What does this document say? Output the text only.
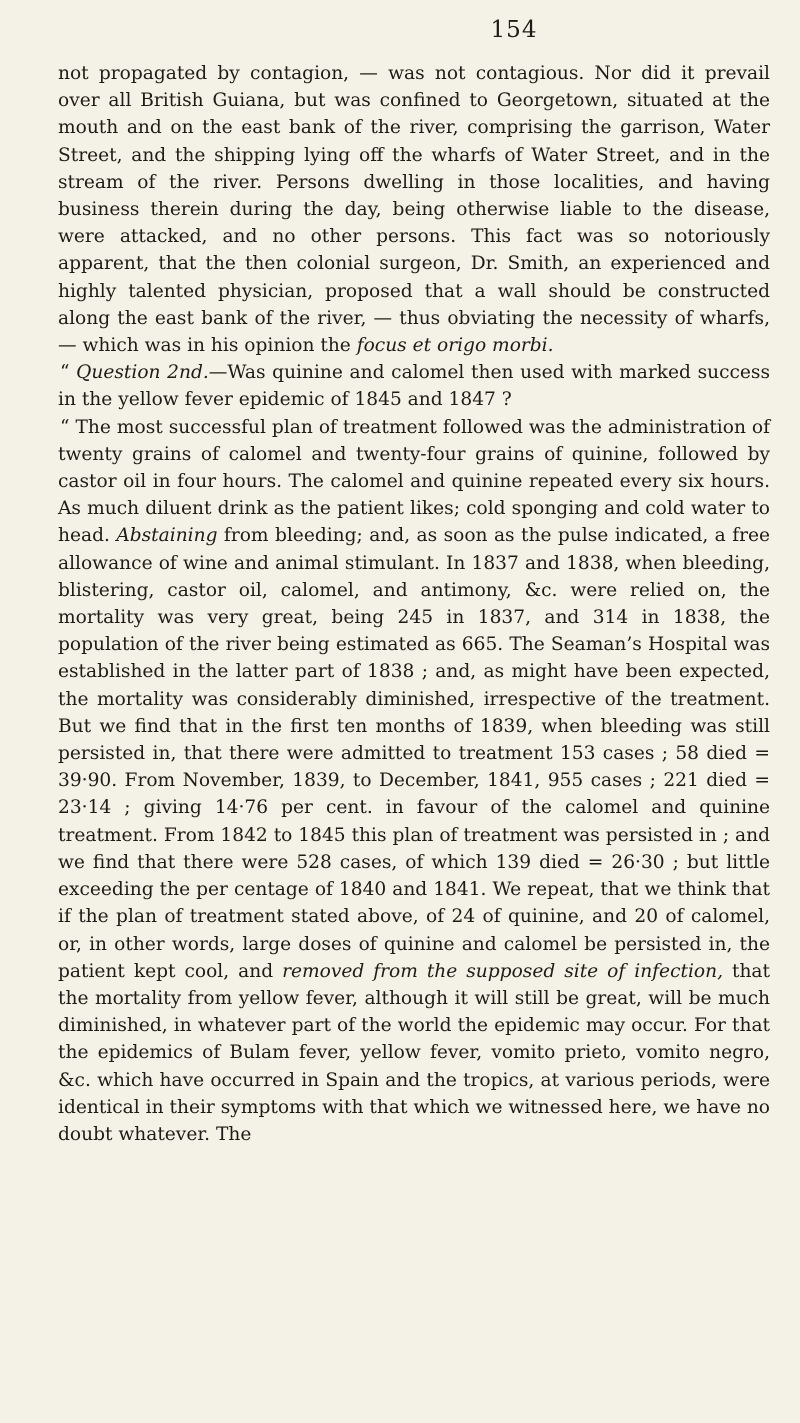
154

not propagated by contagion, — was not contagious. Nor did it prevail over all British Guiana, but was confined to Georgetown, situated at the mouth and on the east bank of the river, comprising the garrison, Water Street, and the shipping lying off the wharfs of Water Street, and in the stream of the river. Persons dwelling in those localities, and having business therein during the day, being otherwise liable to the disease, were attacked, and no other persons. This fact was so notoriously apparent, that the then colonial surgeon, Dr. Smith, an experienced and highly talented physician, proposed that a wall should be constructed along the east bank of the river, — thus obviating the necessity of wharfs, — which was in his opinion the focus et origo morbi.

“ Question 2nd.—Was quinine and calomel then used with marked success in the yellow fever epidemic of 1845 and 1847 ?

“ The most successful plan of treatment followed was the administration of twenty grains of calomel and twenty-four grains of quinine, followed by castor oil in four hours. The calomel and quinine repeated every six hours. As much diluent drink as the patient likes; cold sponging and cold water to head. Abstaining from bleeding; and, as soon as the pulse indicated, a free allowance of wine and animal stimulant. In 1837 and 1838, when bleeding, blistering, castor oil, calomel, and antimony, &c. were relied on, the mortality was very great, being 245 in 1837, and 314 in 1838, the population of the river being estimated as 665. The Seaman’s Hospital was established in the latter part of 1838 ; and, as might have been expected, the mortality was considerably diminished, irrespective of the treatment. But we find that in the first ten months of 1839, when bleeding was still persisted in, that there were admitted to treatment 153 cases ; 58 died = 39·90. From November, 1839, to December, 1841, 955 cases ; 221 died = 23·14 ; giving 14·76 per cent. in favour of the calomel and quinine treatment. From 1842 to 1845 this plan of treatment was persisted in ; and we find that there were 528 cases, of which 139 died = 26·30 ; but little exceeding the per centage of 1840 and 1841. We repeat, that we think that if the plan of treatment stated above, of 24 of quinine, and 20 of calomel, or, in other words, large doses of quinine and calomel be persisted in, the patient kept cool, and removed from the supposed site of infection, that the mortality from yellow fever, although it will still be great, will be much diminished, in whatever part of the world the epidemic may occur. For that the epidemics of Bulam fever, yellow fever, vomito prieto, vomito negro, &c. which have occurred in Spain and the tropics, at various periods, were identical in their symptoms with that which we witnessed here, we have no doubt whatever. The
